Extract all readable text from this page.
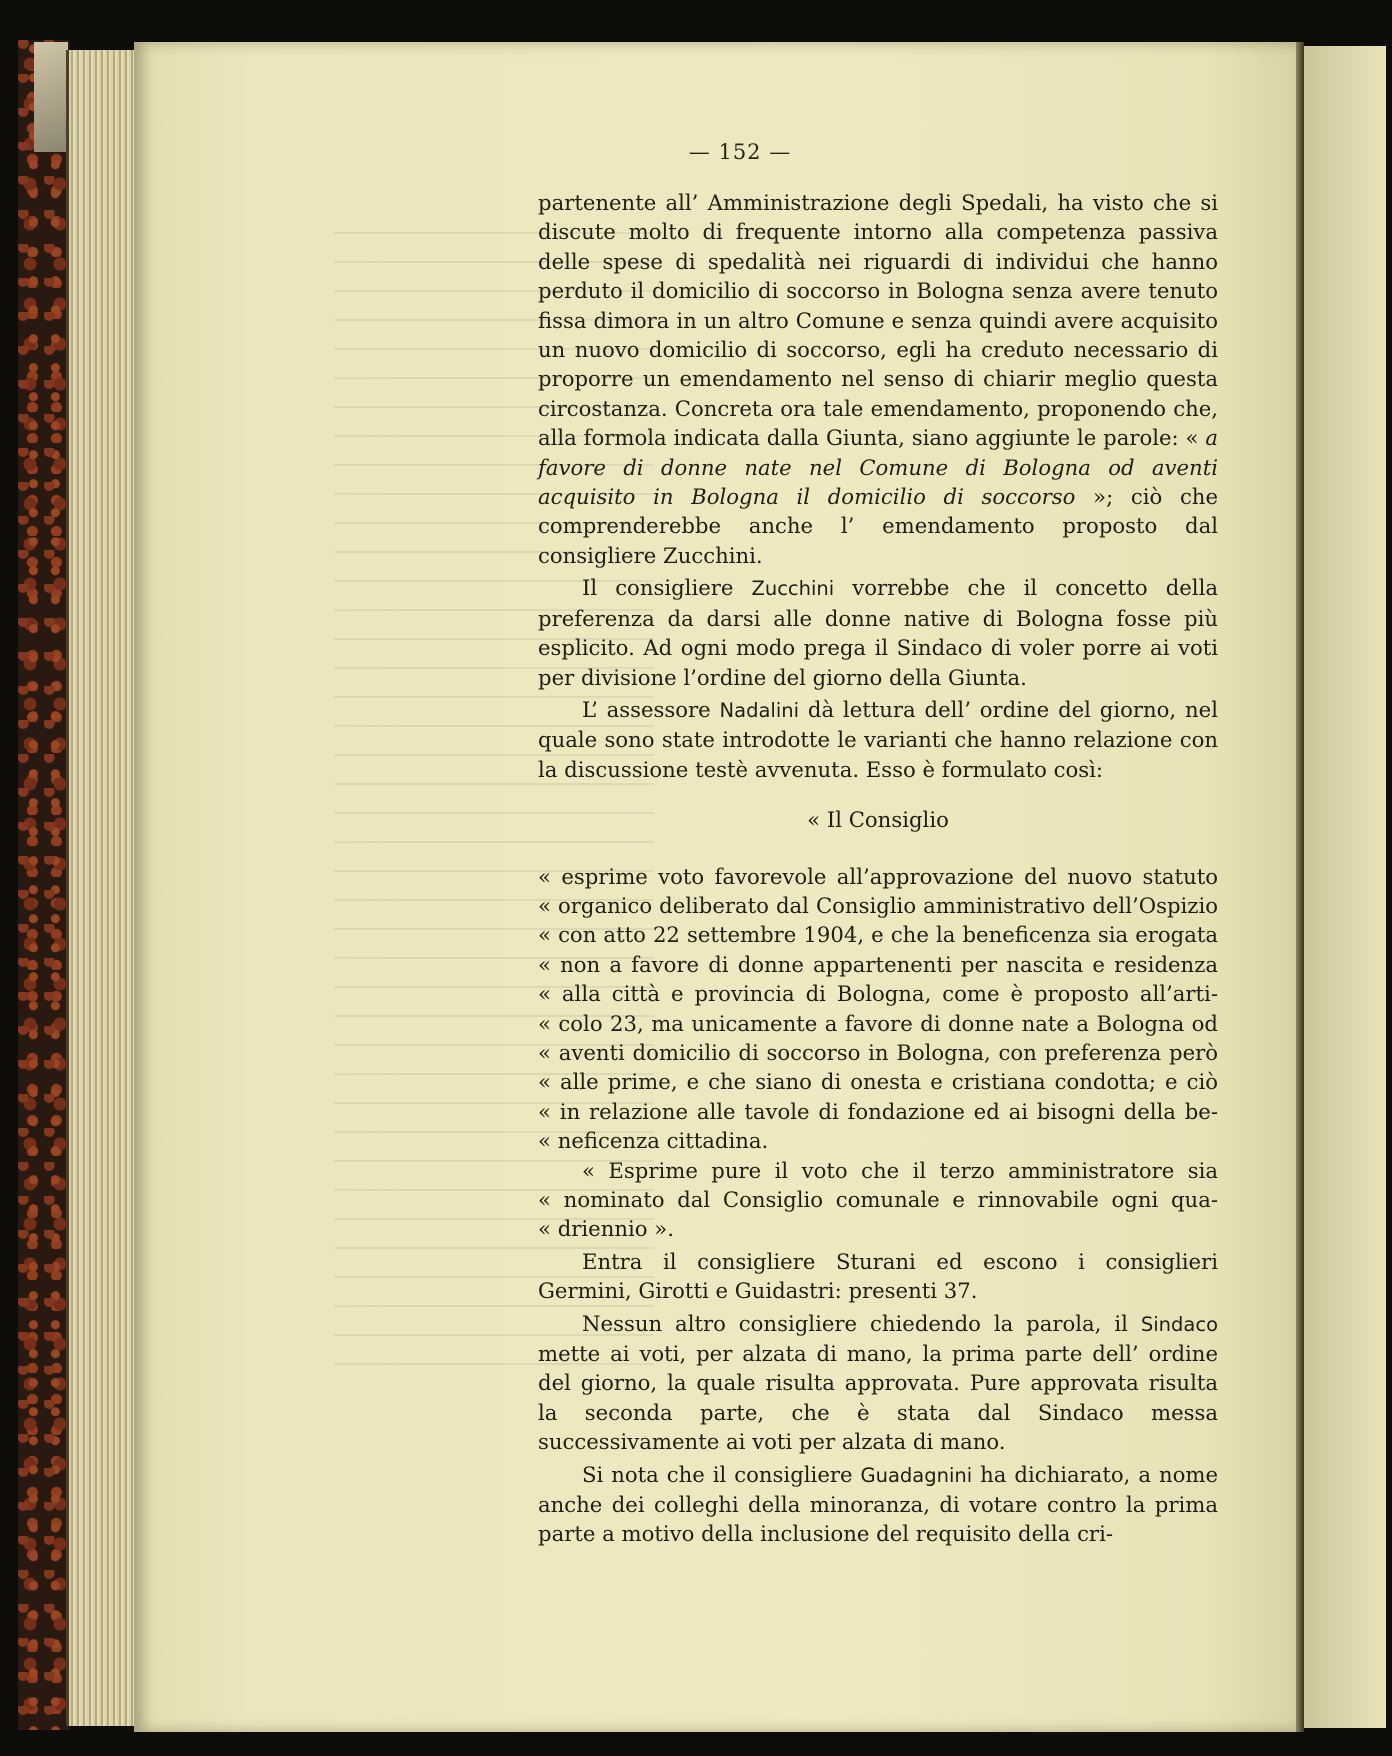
— 152 —

partenente all’ Amministrazione degli Spedali, ha visto che si discute molto di frequente intorno alla competenza passiva delle spese di spedalità nei riguardi di individui che hanno perduto il domicilio di soccorso in Bologna senza avere tenuto fissa dimora in un altro Comune e senza quindi avere acquisito un nuovo domicilio di soccorso, egli ha creduto necessario di proporre un emendamento nel senso di chiarir meglio questa circostanza. Concreta ora tale emendamento, proponendo che, alla formola indicata dalla Giunta, siano aggiunte le parole: « a favore di donne nate nel Comune di Bologna od aventi acquisito in Bologna il domicilio di soccorso »; ciò che comprenderebbe anche l’ emendamento proposto dal consigliere Zucchini.

Il consigliere Zucchini vorrebbe che il concetto della preferenza da darsi alle donne native di Bologna fosse più esplicito. Ad ogni modo prega il Sindaco di voler porre ai voti per divisione l’ordine del giorno della Giunta.

L’ assessore Nadalini dà lettura dell’ ordine del giorno, nel quale sono state introdotte le varianti che hanno relazione con la discussione testè avvenuta. Esso è formulato così:

« Il Consiglio
« esprime voto favorevole all’approvazione del nuovo statuto
« organico deliberato dal Consiglio amministrativo dell’Ospizio
« con atto 22 settembre 1904, e che la beneficenza sia erogata
« non a favore di donne appartenenti per nascita e residenza
« alla città e provincia di Bologna, come è proposto all’arti-
« colo 23, ma unicamente a favore di donne nate a Bologna od
« aventi domicilio di soccorso in Bologna, con preferenza però
« alle prime, e che siano di onesta e cristiana condotta; e ciò
« in relazione alle tavole di fondazione ed ai bisogni della be-
« neficenza cittadina.
« Esprime pure il voto che il terzo amministratore sia
« nominato dal Consiglio comunale e rinnovabile ogni qua-
« driennio ».

Entra il consigliere Sturani ed escono i consiglieri Germini, Girotti e Guidastri: presenti 37.

Nessun altro consigliere chiedendo la parola, il Sindaco mette ai voti, per alzata di mano, la prima parte dell’ ordine del giorno, la quale risulta approvata. Pure approvata risulta la seconda parte, che è stata dal Sindaco messa successivamente ai voti per alzata di mano.

Si nota che il consigliere Guadagnini ha dichiarato, a nome anche dei colleghi della minoranza, di votare contro la prima parte a motivo della inclusione del requisito della cri-
